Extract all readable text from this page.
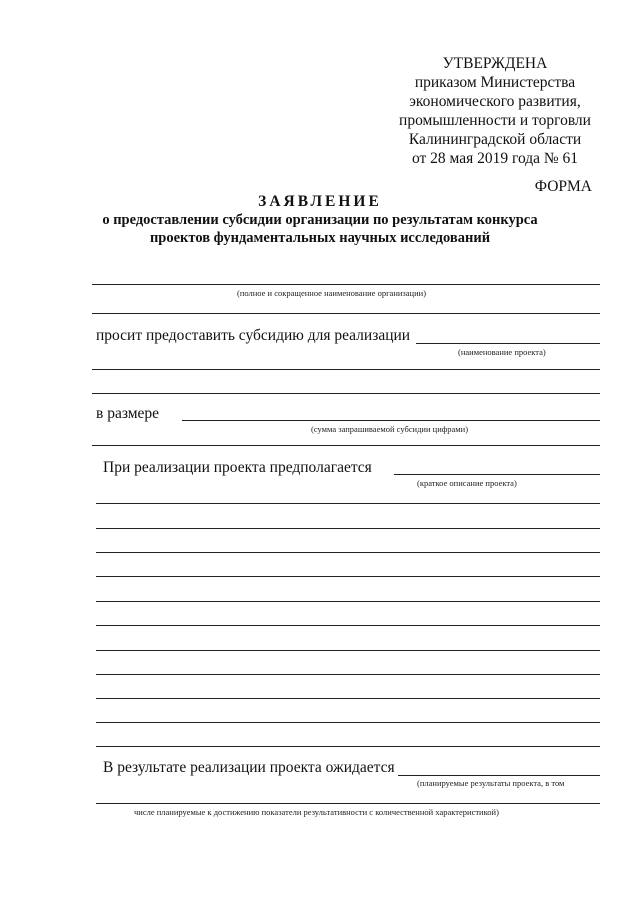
УТВЕРЖДЕНА
приказом Министерства
экономического развития,
промышленности и торговли
Калининградской области
от 28 мая 2019 года № 61
ФОРМА
ЗАЯВЛЕНИЕ
о предоставлении субсидии организации по результатам конкурса проектов фундаментальных научных исследований
(полное и сокращенное наименование организации)
просит предоставить субсидию для реализации
(наименование проекта)
в размере
(сумма запрашиваемой субсидии цифрами)
При реализации проекта предполагается
(краткое описание проекта)
В результате реализации проекта ожидается
(планируемые результаты проекта, в том
числе планируемые к достижению показатели результативности с количественной характеристикой)
